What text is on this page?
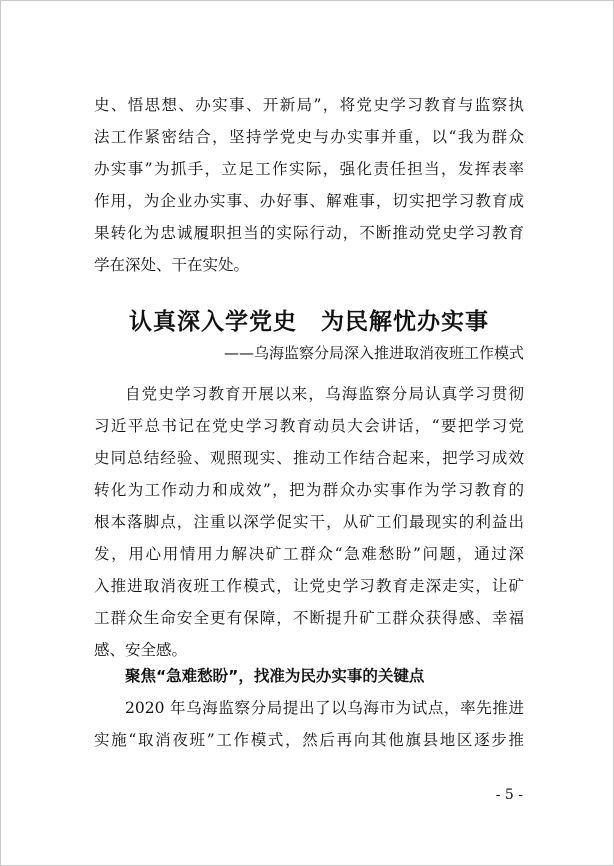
史、悟思想、办实事、开新局”，将党史学习教育与监察执
法工作紧密结合，坚持学党史与办实事并重，以“我为群众
办实事”为抓手，立足工作实际，强化责任担当，发挥表率
作用，为企业办实事、办好事、解难事，切实把学习教育成
果转化为忠诚履职担当的实际行动，不断推动党史学习教育
学在深处、干在实处。
认真深入学党史　为民解忧办实事
——乌海监察分局深入推进取消夜班工作模式
自党史学习教育开展以来，乌海监察分局认真学习贯彻
习近平总书记在党史学习教育动员大会讲话，“要把学习党
史同总结经验、观照现实、推动工作结合起来，把学习成效
转化为工作动力和成效”，把为群众办实事作为学习教育的
根本落脚点，注重以深学促实干，从矿工们最现实的利益出
发，用心用情用力解决矿工群众“急难愁盼”问题，通过深
入推进取消夜班工作模式，让党史学习教育走深走实，让矿
工群众生命安全更有保障，不断提升矿工群众获得感、幸福
感、安全感。
聚焦“急难愁盼”，找准为民办实事的关键点
2020 年乌海监察分局提出了以乌海市为试点，率先推进
实施“取消夜班”工作模式，然后再向其他旗县地区逐步推
- 5 -
